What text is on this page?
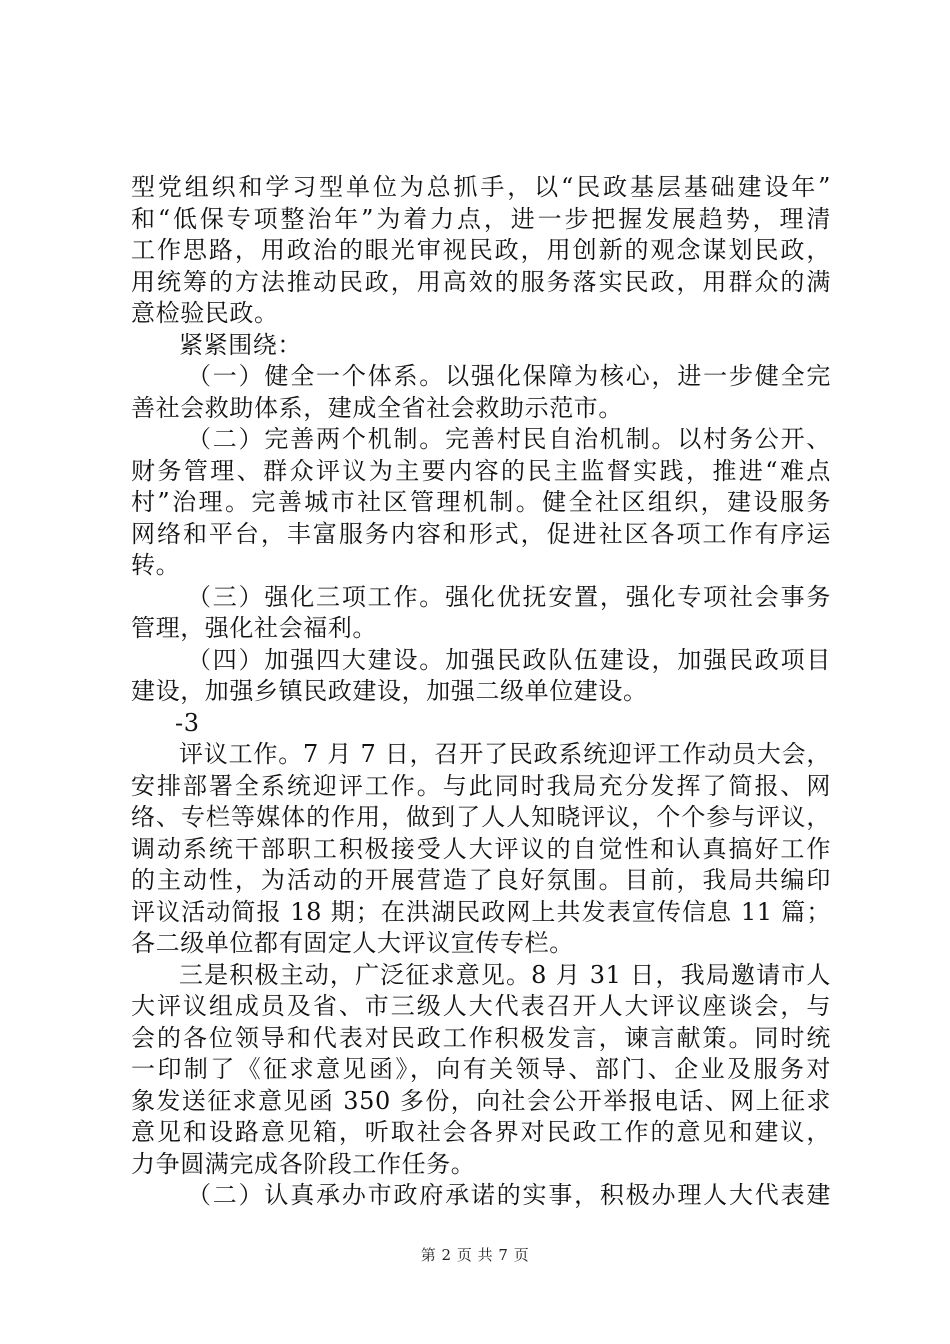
型党组织和学习型单位为总抓手，以“民政基层基础建设年”
和“低保专项整治年”为着力点，进一步把握发展趋势，理清
工作思路，用政治的眼光审视民政，用创新的观念谋划民政，
用统筹的方法推动民政，用高效的服务落实民政，用群众的满
意检验民政。
紧紧围绕：
（一）健全一个体系。以强化保障为核心，进一步健全完
善社会救助体系，建成全省社会救助示范市。
（二）完善两个机制。完善村民自治机制。以村务公开、
财务管理、群众评议为主要内容的民主监督实践，推进“难点
村”治理。完善城市社区管理机制。健全社区组织，建设服务
网络和平台，丰富服务内容和形式，促进社区各项工作有序运
转。
（三）强化三项工作。强化优抚安置，强化专项社会事务
管理，强化社会福利。
（四）加强四大建设。加强民政队伍建设，加强民政项目
建设，加强乡镇民政建设，加强二级单位建设。
-3
评议工作。7 月 7 日，召开了民政系统迎评工作动员大会，
安排部署全系统迎评工作。与此同时我局充分发挥了简报、网
络、专栏等媒体的作用，做到了人人知晓评议，个个参与评议，
调动系统干部职工积极接受人大评议的自觉性和认真搞好工作
的主动性，为活动的开展营造了良好氛围。目前，我局共编印
评议活动简报 18 期；在洪湖民政网上共发表宣传信息 11 篇；
各二级单位都有固定人大评议宣传专栏。
三是积极主动，广泛征求意见。8 月 31 日，我局邀请市人
大评议组成员及省、市三级人大代表召开人大评议座谈会，与
会的各位领导和代表对民政工作积极发言，谏言献策。同时统
一印制了《征求意见函》，向有关领导、部门、企业及服务对
象发送征求意见函 350 多份，向社会公开举报电话、网上征求
意见和设路意见箱，听取社会各界对民政工作的意见和建议，
力争圆满完成各阶段工作任务。
（二）认真承办市政府承诺的实事，积极办理人大代表建
第 2 页 共 7 页
